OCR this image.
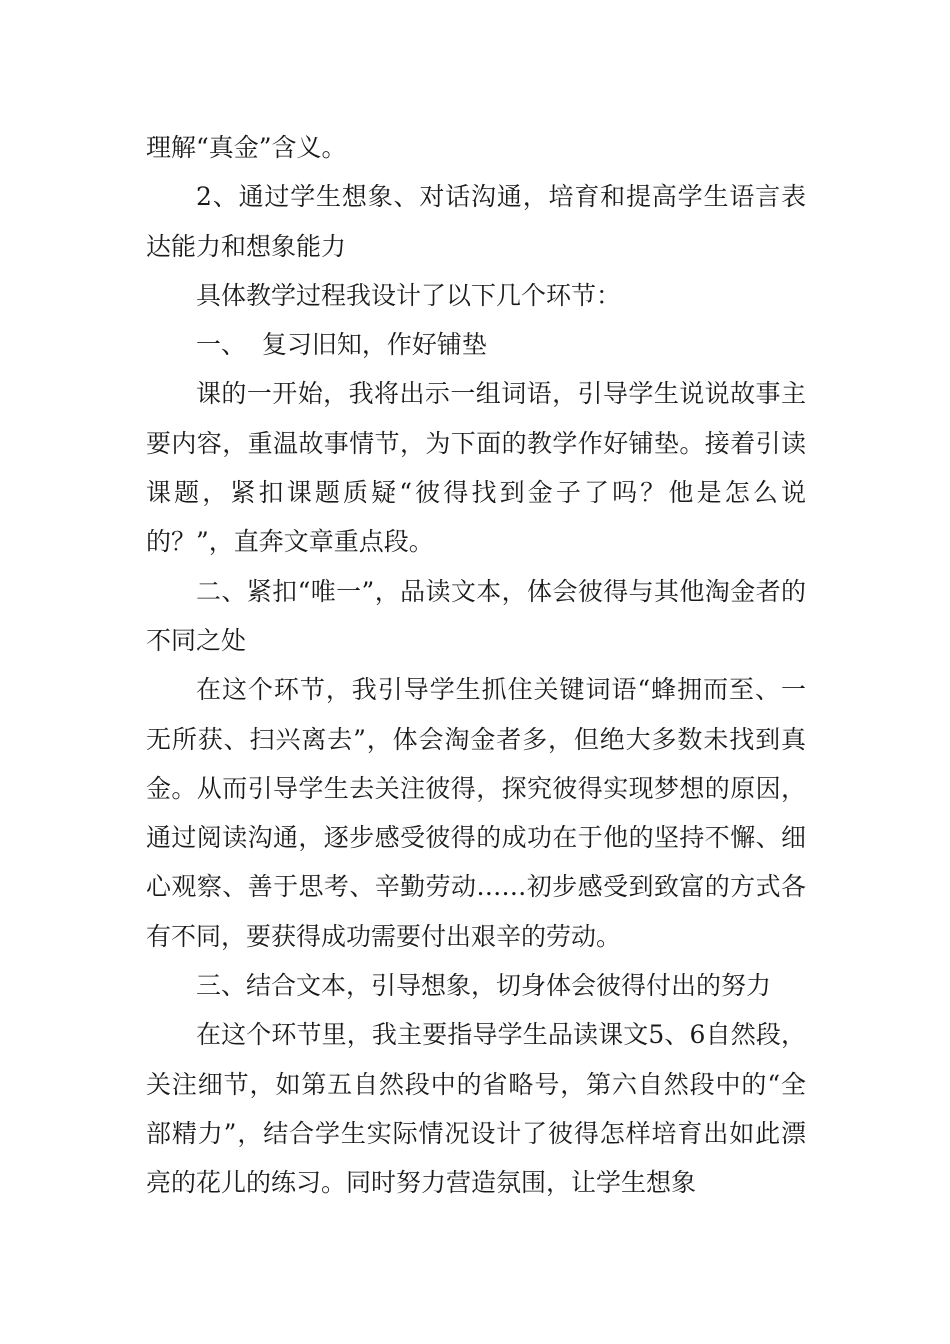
理解“真金”含义。

2、通过学生想象、对话沟通，培育和提高学生语言表达能力和想象能力

具体教学过程我设计了以下几个环节：

一、  复习旧知，作好铺垫

课的一开始，我将出示一组词语，引导学生说说故事主要内容，重温故事情节，为下面的教学作好铺垫。接着引读课题，紧扣课题质疑“彼得找到金子了吗？他是怎么说的？”，直奔文章重点段。

二、紧扣“唯一”，品读文本，体会彼得与其他淘金者的不同之处

在这个环节，我引导学生抓住关键词语“蜂拥而至、一无所获、扫兴离去”，体会淘金者多，但绝大多数未找到真金。从而引导学生去关注彼得，探究彼得实现梦想的原因，通过阅读沟通，逐步感受彼得的成功在于他的坚持不懈、细心观察、善于思考、辛勤劳动……初步感受到致富的方式各有不同，要获得成功需要付出艰辛的劳动。

三、结合文本，引导想象，切身体会彼得付出的努力

在这个环节里，我主要指导学生品读课文5、6自然段，关注细节，如第五自然段中的省略号，第六自然段中的“全部精力”，结合学生实际情况设计了彼得怎样培育出如此漂亮的花儿的练习。同时努力营造氛围，让学生想象
